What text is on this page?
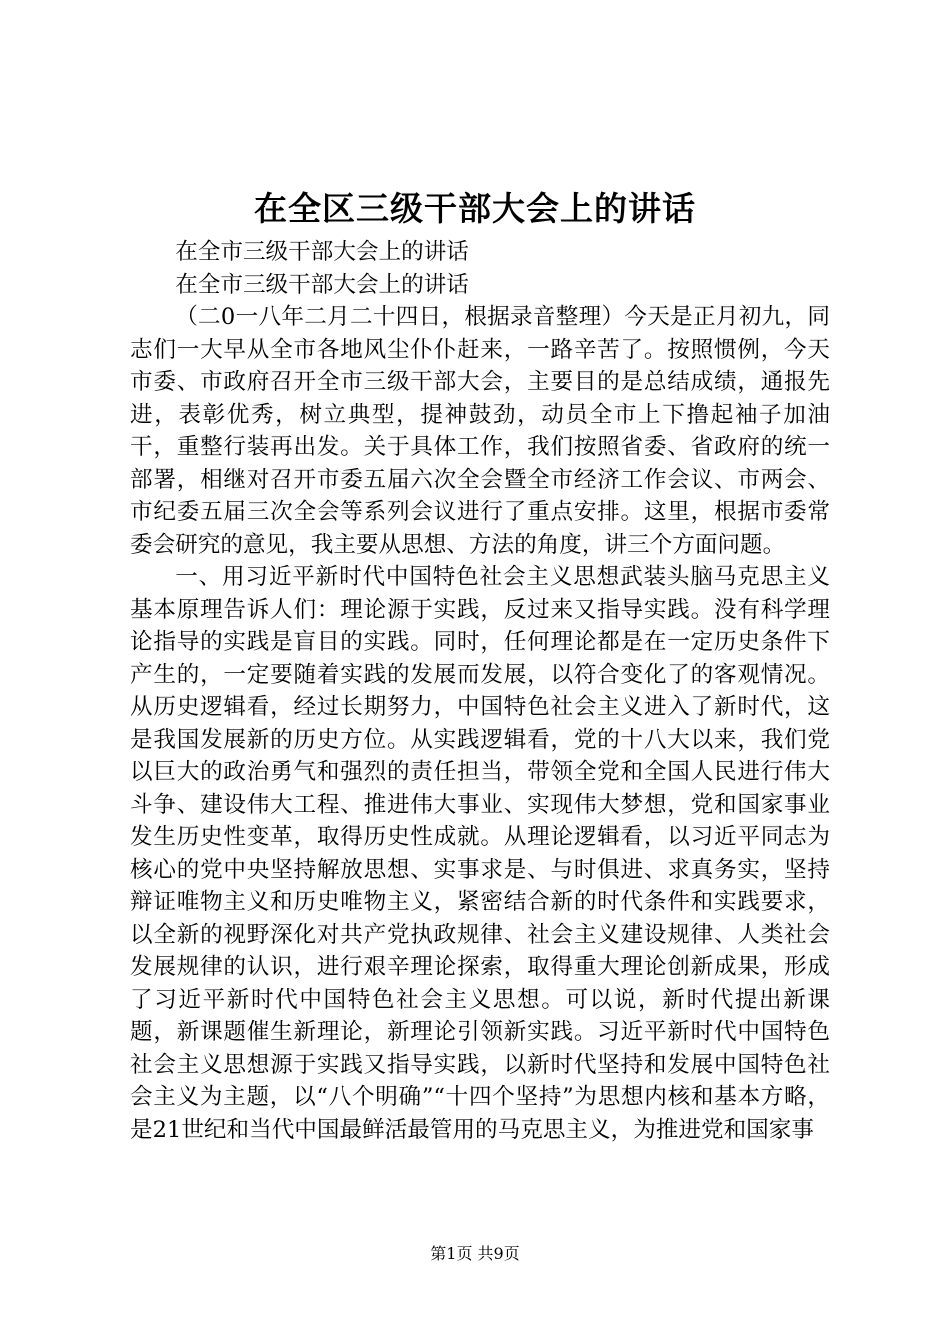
在全区三级干部大会上的讲话

在全市三级干部大会上的讲话

在全市三级干部大会上的讲话

（二0一八年二月二十四日，根据录音整理）今天是正月初九，同志们一大早从全市各地风尘仆仆赶来，一路辛苦了。按照惯例，今天市委、市政府召开全市三级干部大会，主要目的是总结成绩，通报先进，表彰优秀，树立典型，提神鼓劲，动员全市上下撸起袖子加油干，重整行装再出发。关于具体工作，我们按照省委、省政府的统一部署，相继对召开市委五届六次全会暨全市经济工作会议、市两会、市纪委五届三次全会等系列会议进行了重点安排。这里，根据市委常委会研究的意见，我主要从思想、方法的角度，讲三个方面问题。

一、用习近平新时代中国特色社会主义思想武装头脑马克思主义基本原理告诉人们：理论源于实践，反过来又指导实践。没有科学理论指导的实践是盲目的实践。同时，任何理论都是在一定历史条件下产生的，一定要随着实践的发展而发展，以符合变化了的客观情况。从历史逻辑看，经过长期努力，中国特色社会主义进入了新时代，这是我国发展新的历史方位。从实践逻辑看，党的十八大以来，我们党以巨大的政治勇气和强烈的责任担当，带领全党和全国人民进行伟大斗争、建设伟大工程、推进伟大事业、实现伟大梦想，党和国家事业发生历史性变革，取得历史性成就。从理论逻辑看，以习近平同志为核心的党中央坚持解放思想、实事求是、与时俱进、求真务实，坚持辩证唯物主义和历史唯物主义，紧密结合新的时代条件和实践要求，以全新的视野深化对共产党执政规律、社会主义建设规律、人类社会发展规律的认识，进行艰辛理论探索，取得重大理论创新成果，形成了习近平新时代中国特色社会主义思想。可以说，新时代提出新课题，新课题催生新理论，新理论引领新实践。习近平新时代中国特色社会主义思想源于实践又指导实践，以新时代坚持和发展中国特色社会主义为主题，以“八个明确”“十四个坚持”为思想内核和基本方略，是21世纪和当代中国最鲜活最管用的马克思主义，为推进党和国家事

第1页 共9页
